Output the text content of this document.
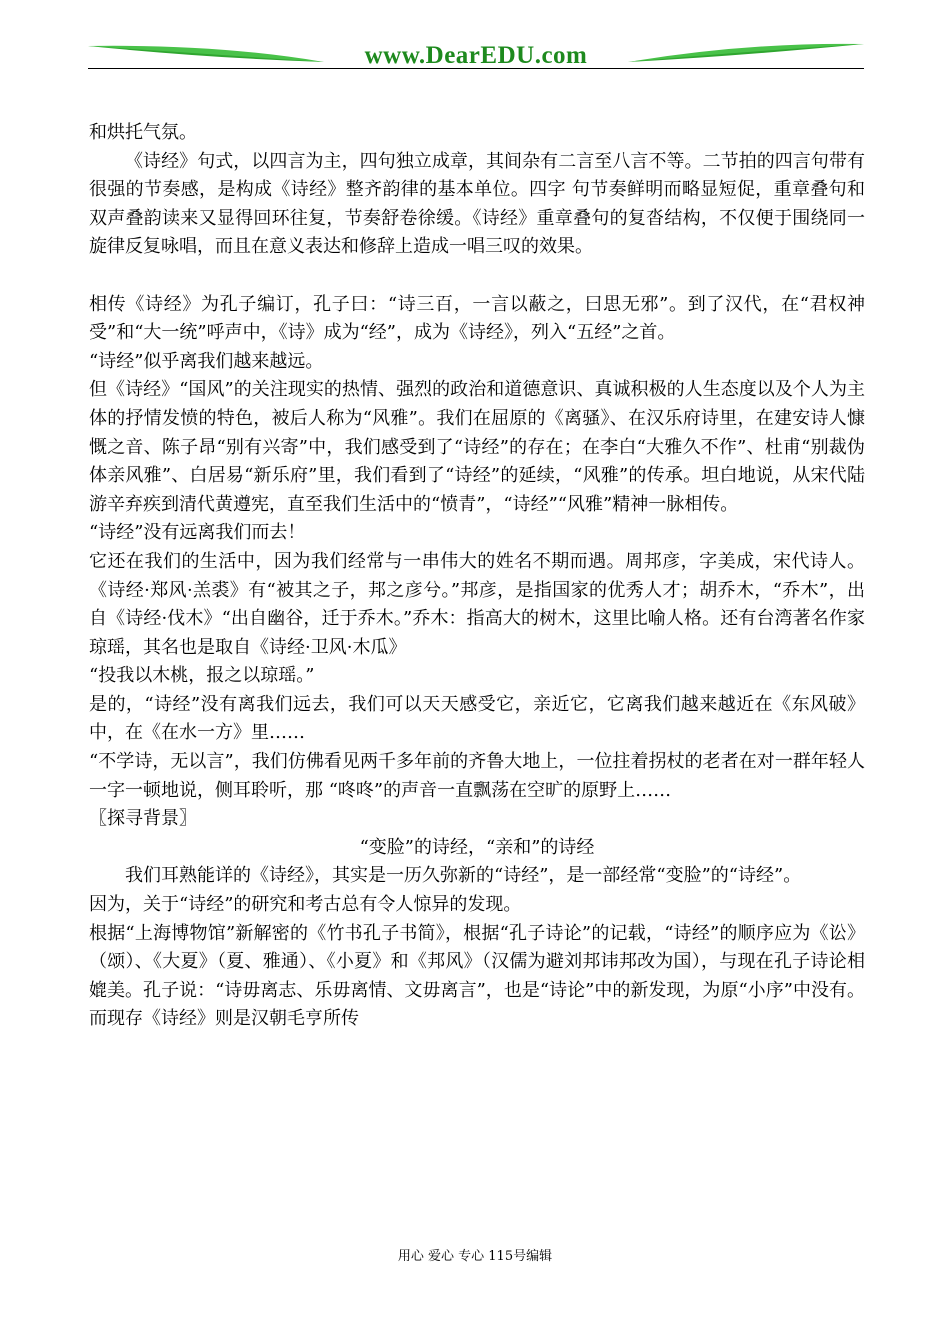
www.DearEDU.com

和烘托气氛。

《诗经》句式，以四言为主，四句独立成章，其间杂有二言至八言不等。二节拍的四言句带有很强的节奏感，是构成《诗经》整齐韵律的基本单位。四字 句节奏鲜明而略显短促，重章叠句和双声叠韵读来又显得回环往复，节奏舒卷徐缓。《诗经》重章叠句的复沓结构，不仅便于围绕同一旋律反复咏唱，而且在意义表达和修辞上造成一唱三叹的效果。

相传《诗经》为孔子编订，孔子曰：“诗三百，一言以蔽之，曰思无邪”。到了汉代，在“君权神受”和“大一统”呼声中，《诗》成为“经”，成为《诗经》，列入“五经”之首。

“诗经”似乎离我们越来越远。

但《诗经》“国风”的关注现实的热情、强烈的政治和道德意识、真诚积极的人生态度以及个人为主体的抒情发愤的特色，被后人称为“风雅”。我们在屈原的《离骚》、在汉乐府诗里，在建安诗人慷慨之音、陈子昂“别有兴寄”中，我们感受到了“诗经”的存在；在李白“大雅久不作”、杜甫“别裁伪体亲风雅”、白居易“新乐府”里，我们看到了“诗经”的延续，“风雅”的传承。坦白地说，从宋代陆游辛弃疾到清代黄遵宪，直至我们生活中的“愤青”，“诗经”“风雅”精神一脉相传。

“诗经”没有远离我们而去！

它还在我们的生活中，因为我们经常与一串伟大的姓名不期而遇。周邦彦，字美成，宋代诗人。《诗经·郑风·羔裘》有“被其之子，邦之彦兮。”邦彦，是指国家的优秀人才；胡乔木，“乔木”，出自《诗经·伐木》“出自幽谷，迁于乔木。”乔木：指高大的树木，这里比喻人格。还有台湾著名作家琼瑶，其名也是取自《诗经·卫风·木瓜》

“投我以木桃，报之以琼瑶。”

是的，“诗经”没有离我们远去，我们可以天天感受它，亲近它，它离我们越来越近在《东风破》中，在《在水一方》里……

“不学诗，无以言”，我们仿佛看见两千多年前的齐鲁大地上，一位拄着拐杖的老者在对一群年轻人一字一顿地说，侧耳聆听，那 “咚咚”的声音一直飘荡在空旷的原野上……

〖探寻背景〗

“变脸”的诗经，“亲和”的诗经

我们耳熟能详的《诗经》，其实是一历久弥新的“诗经”，是一部经常“变脸”的“诗经”。

因为，关于“诗经”的研究和考古总有令人惊异的发现。

根据“上海博物馆”新解密的《竹书孔子书简》，根据“孔子诗论”的记载，“诗经”的顺序应为《讼》（颂）、《大夏》（夏、雅通）、《小夏》和《邦风》（汉儒为避刘邦讳邦改为国），与现在孔子诗论相媲美。孔子说：“诗毋离志、乐毋离情、文毋离言”，也是“诗论”中的新发现，为原“小序”中没有。而现存《诗经》则是汉朝毛亨所传

用心 爱心 专心 115号编辑
